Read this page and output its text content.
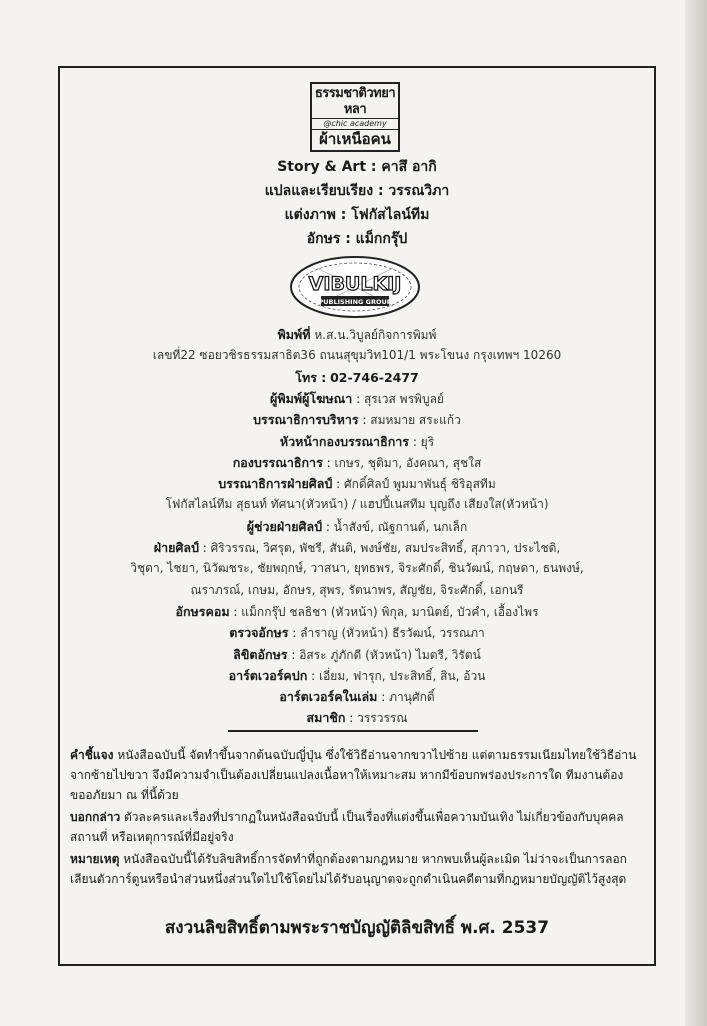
ธรรมชาติวทยาหลา
@chic academy
ผ้าเหนือคน
Story & Art : คาสึ อากิ
แปลและเรียบเรียง : วรรณวิภา
แต่งภาพ : โฟกัสไลน์ทีม
อักษร : แม็กกรุ๊ป
VIBULKIJ
PUBLISHING GROUP
พิมพ์ที่ ห.ส.น.วิบูลย์กิจการพิมพ์
เลขที่22 ซอยวชิรธรรมสาธิต36 ถนนสุขุมวิท101/1 พระโขนง กรุงเทพฯ 10260
โทร : 02-746-2477
ผู้พิมพ์ผู้โฆษณา : สุรเวส พรพิบูลย์
บรรณาธิการบริหาร : สมหมาย สระแก้ว
หัวหน้ากองบรรณาธิการ : ยุริ
กองบรรณาธิการ : เกษร, ชุติมา, อังคณา, สุชใส
บรรณาธิการฝ่ายศิลป์ : ศักดิ์ศิลป์ พูมมาพันธุ์ ชิริอุสทีม
โฟกัสไลน์ทีม สุธนท์ ทัศนา(หัวหน้า) / แฮปปี้เนสทีม บุญถึง เสียงใส(หัวหน้า)
ผู้ช่วยฝ่ายศิลป์ : น้ำสังข์, ณัฐกานต์, นกเล็ก
ฝ่ายศิลป์ : ศิริวรรณ, วิศรุต, พัชรี, สันติ, พงษ์ชัย, สมประสิทธิ์, สุภาวา, ประไชดิ,
วิชุดา, ไชยา, นิวัฒชระ, ชัยพฤกษ์, วาสนา, ยุทธพร, จิระศักดิ์, ชินวัฒน์, กฤษดา, ธนพงษ์,
ณราภรณ์, เกษม, อักษร, สุพร, รัตนาพร, สัญชัย, จิระศักดิ์, เอกนรี
อักษรคอม : แม็กกรุ๊ป ชลธิชา (หัวหน้า) พิกุล, มานิตย์, บัวคำ, เอื้องไพร
ตรวจอักษร : ลำราญ (หัวหน้า) ธีรวัฒน์, วรรณภา
ลิขิตอักษร : อิสระ ภู่ภักดี (หัวหน้า) ไมตรี, วิรัตน์
อาร์ตเวอร์คปก : เอี่ยม, ฟารุก, ประสิทธิ์, สิน, อ้วน
อาร์ตเวอร์คในเล่ม : ภานุศักดิ์
สมาชิก : วรรวรรณ

คำชี้แจง หนังสือฉบับนี้ จัดทำขึ้นจากต้นฉบับญี่ปุ่น ซึ่งใช้วิธีอ่านจากขวาไปซ้าย แต่ตามธรรมเนียมไทยใช้วิธีอ่านจากซ้ายไปขวา จึงมีความจำเป็นต้องเปลี่ยนแปลงเนื้อหาให้เหมาะสม หากมีข้อบกพร่องประการใด ทีมงานต้องขออภัยมา ณ ที่นี้ด้วย

บอกกล่าว ตัวละครและเรื่องที่ปรากฏในหนังสือฉบับนี้ เป็นเรื่องที่แต่งขึ้นเพื่อความบันเทิง ไม่เกี่ยวข้องกับบุคคล สถานที่ หรือเหตุการณ์ที่มีอยู่จริง

หมายเหตุ หนังสือฉบับนี้ได้รับลิขสิทธิ์การจัดทำที่ถูกต้องตามกฎหมาย หากพบเห็นผู้ละเมิด ไม่ว่าจะเป็นการลอกเลียนตัวการ์ตูนหรือนำส่วนหนึ่งส่วนใดไปใช้โดยไม่ได้รับอนุญาตจะถูกดำเนินคดีตามที่กฎหมายบัญญัติไว้สูงสุด

สงวนลิขสิทธิ์ตามพระราชบัญญัติลิขสิทธิ์ พ.ศ. 2537
